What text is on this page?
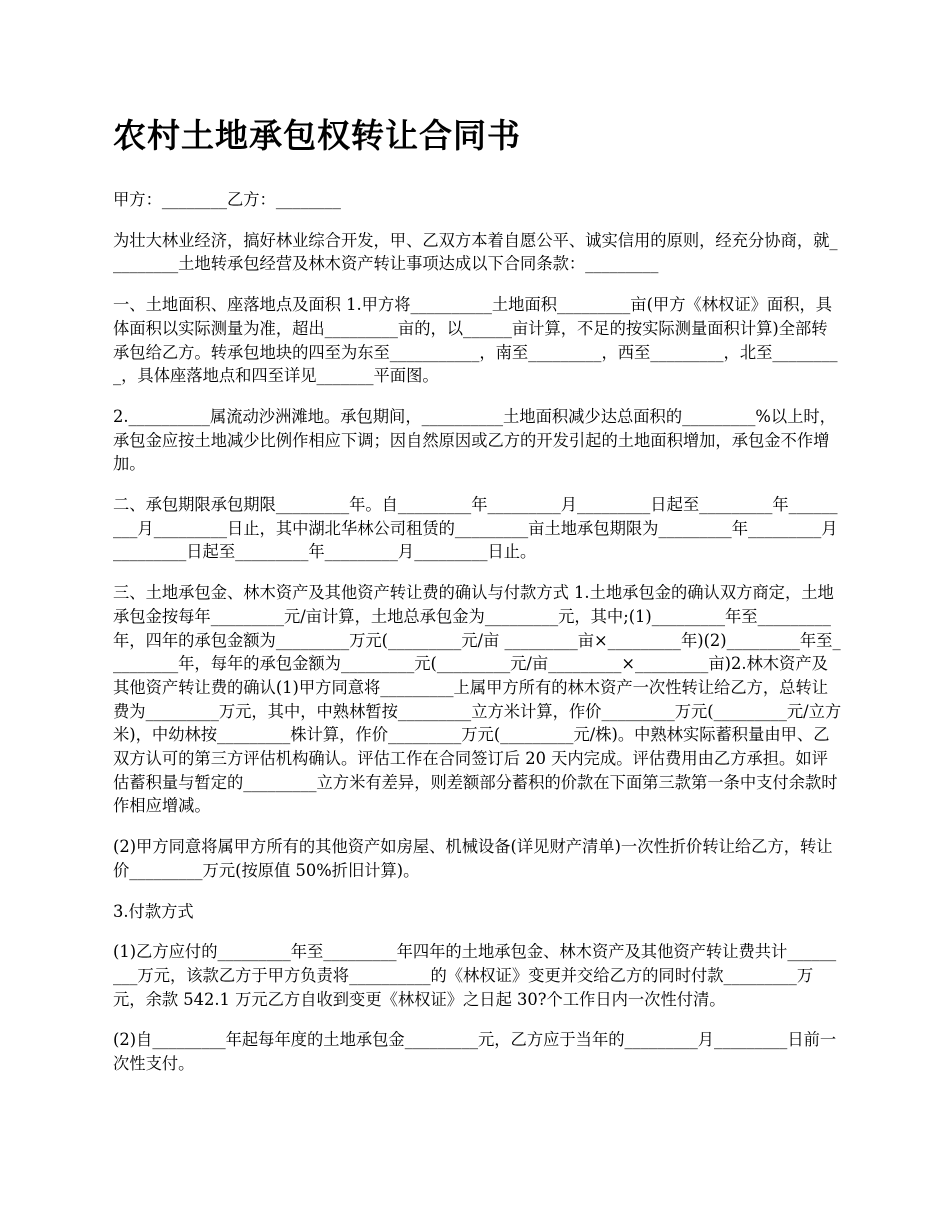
农村土地承包权转让合同书

甲方：________乙方：________

为壮大林业经济，搞好林业综合开发，甲、乙双方本着自愿公平、诚实信用的原则，经充分协商，就_________土地转承包经营及林木资产转让事项达成以下合同条款：_________

一、土地面积、座落地点及面积 1.甲方将__________土地面积_________亩(甲方《林权证》面积，具体面积以实际测量为准，超出_________亩的，以______亩计算，不足的按实际测量面积计算)全部转承包给乙方。转承包地块的四至为东至___________，南至_________，西至_________，北至_________，具体座落地点和四至详见_______平面图。

2.__________属流动沙洲滩地。承包期间，__________土地面积减少达总面积的_________%以上时，承包金应按土地减少比例作相应下调；因自然原因或乙方的开发引起的土地面积增加，承包金不作增加。

二、承包期限承包期限_________年。自_________年_________月_________日起至_________年_________月_________日止，其中湖北华林公司租赁的_________亩土地承包期限为_________年_________月_________日起至_________年_________月_________日止。

三、土地承包金、林木资产及其他资产转让费的确认与付款方式 1.土地承包金的确认双方商定，土地承包金按每年_________元/亩计算，土地总承包金为_________元，其中;(1)_________年至_________年，四年的承包金额为_________万元(_________元/亩 _________亩×_________年)(2)_________年至_________年，每年的承包金额为_________元(_________元/亩_________×_________亩)2.林木资产及其他资产转让费的确认(1)甲方同意将_________上属甲方所有的林木资产一次性转让给乙方，总转让费为_________万元，其中，中熟林暂按_________立方米计算，作价_________万元(_________元/立方米)，中幼林按_________株计算，作价_________万元(_________元/株)。中熟林实际蓄积量由甲、乙双方认可的第三方评估机构确认。评估工作在合同签订后 20 天内完成。评估费用由乙方承担。如评估蓄积量与暂定的_________立方米有差异，则差额部分蓄积的价款在下面第三款第一条中支付余款时作相应增减。

(2)甲方同意将属甲方所有的其他资产如房屋、机械设备(详见财产清单)一次性折价转让给乙方，转让价_________万元(按原值 50%折旧计算)。

3.付款方式

(1)乙方应付的_________年至_________年四年的土地承包金、林木资产及其他资产转让费共计_________万元，该款乙方于甲方负责将__________的《林权证》变更并交给乙方的同时付款_________万元，余款 542.1 万元乙方自收到变更《林权证》之日起 30?个工作日内一次性付清。

(2)自_________年起每年度的土地承包金_________元，乙方应于当年的_________月_________日前一次性支付。
